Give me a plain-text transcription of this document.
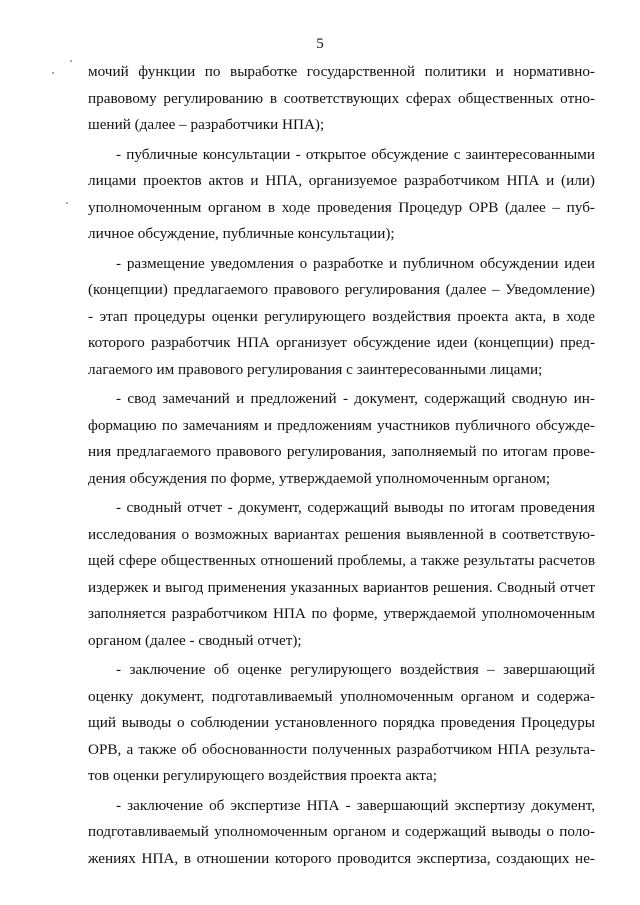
5
мочий функции по выработке государственной политики и нормативно-
правовому регулированию в соответствующих сферах общественных отно-
шений (далее – разработчики НПА);
- публичные консультации - открытое обсуждение с заинтересованными
лицами проектов актов и НПА, организуемое разработчиком НПА и (или)
уполномоченным органом в ходе проведения Процедур ОРВ (далее – пуб-
личное обсуждение, публичные консультации);
- размещение уведомления о разработке и публичном обсуждении идеи
(концепции) предлагаемого правового регулирования (далее – Уведомление)
- этап процедуры оценки регулирующего воздействия проекта акта, в ходе
которого разработчик НПА организует обсуждение идеи (концепции) пред-
лагаемого им правового регулирования с заинтересованными лицами;
- свод замечаний и предложений - документ, содержащий сводную ин-
формацию по замечаниям и предложениям участников публичного обсужде-
ния предлагаемого правового регулирования, заполняемый по итогам прове-
дения обсуждения по форме, утверждаемой уполномоченным органом;
- сводный отчет - документ, содержащий выводы по итогам проведения
исследования о возможных вариантах решения выявленной в соответствую-
щей сфере общественных отношений проблемы, а также результаты расчетов
издержек и выгод применения указанных вариантов решения. Сводный отчет
заполняется разработчиком НПА по форме, утверждаемой уполномоченным
органом (далее - сводный отчет);
- заключение об оценке регулирующего воздействия – завершающий
оценку документ, подготавливаемый уполномоченным органом и содержа-
щий выводы о соблюдении установленного порядка проведения Процедуры
ОРВ, а также об обоснованности полученных разработчиком НПА результа-
тов оценки регулирующего воздействия проекта акта;
- заключение об экспертизе НПА - завершающий экспертизу документ,
подготавливаемый уполномоченным органом и содержащий выводы о поло-
жениях НПА, в отношении которого проводится экспертиза, создающих не-
